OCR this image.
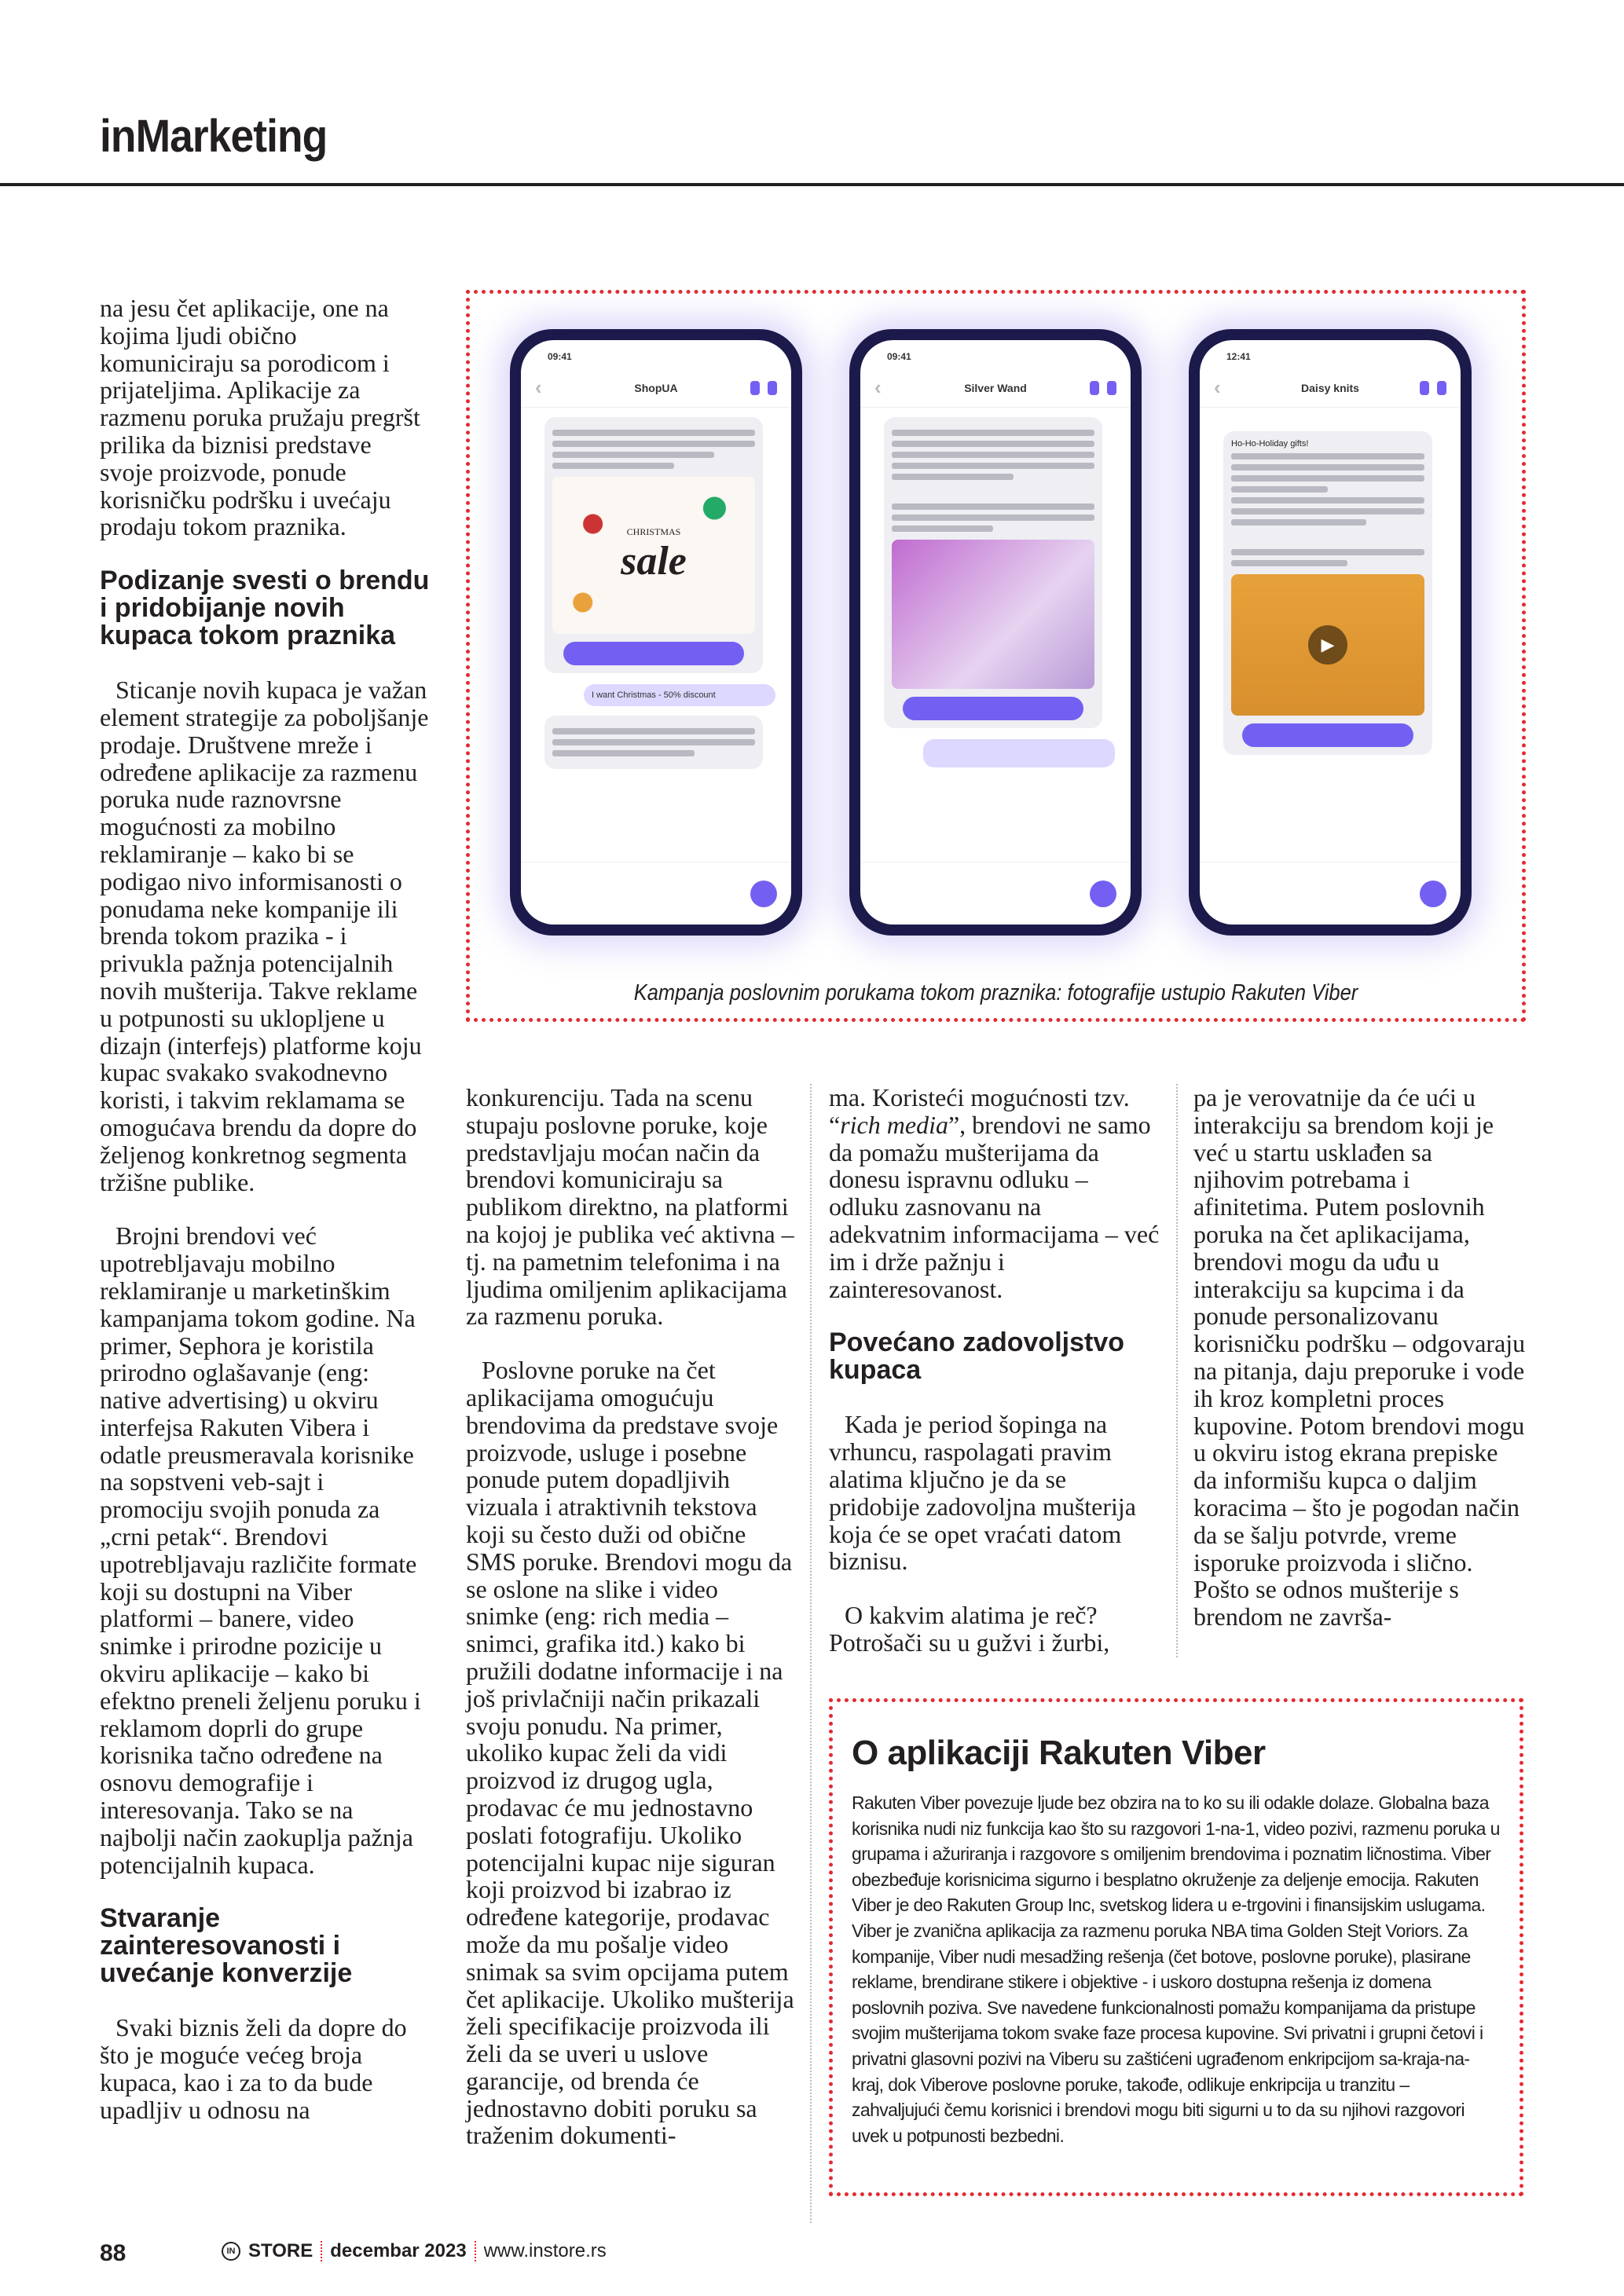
inMarketing

na jesu čet aplikacije, one na kojima ljudi obično komuniciraju sa porodicom i prijateljima. Aplikacije za razmenu poruka pružaju pregršt prilika da biznisi predstave svoje proizvode, ponude korisničku podršku i uvećaju prodaju tokom praznika.

Podizanje svesti o brendu i pridobijanje novih kupaca tokom praznika

Sticanje novih kupaca je važan element strategije za poboljšanje prodaje. Društvene mreže i određene aplikacije za razmenu poruka nude raznovrsne mogućnosti za mobilno reklamiranje – kako bi se podigao nivo informisanosti o ponudama neke kompanije ili brenda tokom prazika - i privukla pažnja potencijalnih novih mušterija. Takve reklame u potpunosti su uklopljene u dizajn (interfejs) platforme koju kupac svakako svakodnevno koristi, i takvim reklamama se omogućava brendu da dopre do željenog konkretnog segmenta tržišne publike.

Brojni brendovi već upotrebljavaju mobilno reklamiranje u marketinškim kampanjama tokom godine. Na primer, Sephora je koristila prirodno oglašavanje (eng: native advertising) u okviru interfejsa Rakuten Vibera i odatle preusmeravala korisnike na sopstveni veb-sajt i promociju svojih ponuda za „crni petak“. Brendovi upotrebljavaju različite formate koji su dostupni na Viber platformi – banere, video snimke i prirodne pozicije u okviru aplikacije – kako bi efektno preneli željenu poruku i reklamom doprli do grupe korisnika tačno određene na osnovu demografije i interesovanja. Tako se na najbolji način zaokuplja pažnja potencijalnih kupaca.

Stvaranje zainteresovanosti i uvećanje konverzije

Svaki biznis želi da dopre do što je moguće većeg broja kupaca, kao i za to da bude upadljiv u odnosu na

09:41
‹	ShopUA
CHRISTMAS
sale
I want Christmas - 50% discount
09:41
‹	Silver Wand

12:41
‹	Daisy knits
Ho-Ho-Holiday gifts!

▶
Kampanja poslovnim porukama tokom praznika: fotografije ustupio Rakuten Viber

konkurenciju. Tada na scenu stupaju poslovne poruke, koje predstavljaju moćan način da brendovi komuniciraju sa publikom direktno, na platformi na kojoj je publika već aktivna – tj. na pametnim telefonima i na ljudima omiljenim aplikacijama za razmenu poruka.

Poslovne poruke na čet aplikacijama omogućuju brendovima da predstave svoje proizvode, usluge i posebne ponude putem dopadljivih vizuala i atraktivnih tekstova koji su često duži od obične SMS poruke. Brendovi mogu da se oslone na slike i video snimke (eng: rich media – snimci, grafika itd.) kako bi pružili dodatne informacije i na još privlačniji način prikazali svoju ponudu. Na primer, ukoliko kupac želi da vidi proizvod iz drugog ugla, prodavac će mu jednostavno poslati fotografiju. Ukoliko potencijalni kupac nije siguran koji proizvod bi izabrao iz određene kategorije, prodavac može da mu pošalje video snimak sa svim opcijama putem čet aplikacije. Ukoliko mušterija želi specifikacije proizvoda ili želi da se uveri u uslove garancije, od brenda će jednostavno dobiti poruku sa traženim dokumenti-

ma. Koristeći mogućnosti tzv. “rich media”, brendovi ne samo da pomažu mušterijama da donesu ispravnu odluku – odluku zasnovanu na adekvatnim informacijama – već im i drže pažnju i zainteresovanost.

Povećano zadovoljstvo kupaca

Kada je period šopinga na vrhuncu, raspolagati pravim alatima ključno je da se pridobije zadovoljna mušterija koja će se opet vraćati datom biznisu.

O kakvim alatima je reč? Potrošači su u gužvi i žurbi,

pa je verovatnije da će ući u interakciju sa brendom koji je već u startu usklađen sa njihovim potrebama i afinitetima. Putem poslovnih poruka na čet aplikacijama, brendovi mogu da uđu u interakciju sa kupcima i da ponude personalizovanu korisničku podršku – odgovaraju na pitanja, daju preporuke i vode ih kroz kompletni proces kupovine. Potom brendovi mogu u okviru istog ekrana prepiske da informišu kupca o daljim koracima – što je pogodan način da se šalju potvrde, vreme isporuke proizvoda i slično. Pošto se odnos mušterije s brendom ne završa-

O aplikaciji Rakuten Viber

Rakuten Viber povezuje ljude bez obzira na to ko su ili odakle dolaze. Globalna baza korisnika nudi niz funkcija kao što su razgovori 1-na-1, video pozivi, razmenu poruka u grupama i ažuriranja i razgovore s omiljenim brendovima i poznatim ličnostima. Viber obezbeđuje korisnicima sigurno i besplatno okruženje za deljenje emocija. Rakuten Viber je deo Rakuten Group Inc, svetskog lidera u e-trgovini i finansijskim uslugama. Viber je zvanična aplikacija za razmenu poruka NBA tima Golden Stejt Voriors. Za kompanije, Viber nudi mesadžing rešenja (čet botove, poslovne poruke), plasirane reklame, brendirane stikere i objektive - i uskoro dostupna rešenja iz domena poslovnih poziva. Sve navedene funkcionalnosti pomažu kompanijama da pristupe svojim mušterijama tokom svake faze procesa kupovine. Svi privatni i grupni četovi i privatni glasovni pozivi na Viberu su zaštićeni ugrađenom enkripcijom sa-kraja-na-kraj, dok Viberove poslovne poruke, takođe, odlikuje enkripcija u tranzitu – zahvaljujući čemu korisnici i brendovi mogu biti sigurni u to da su njihovi razgovori uvek u potpunosti bezbedni.

88	IN STORE decembar 2023 www.instore.rs
